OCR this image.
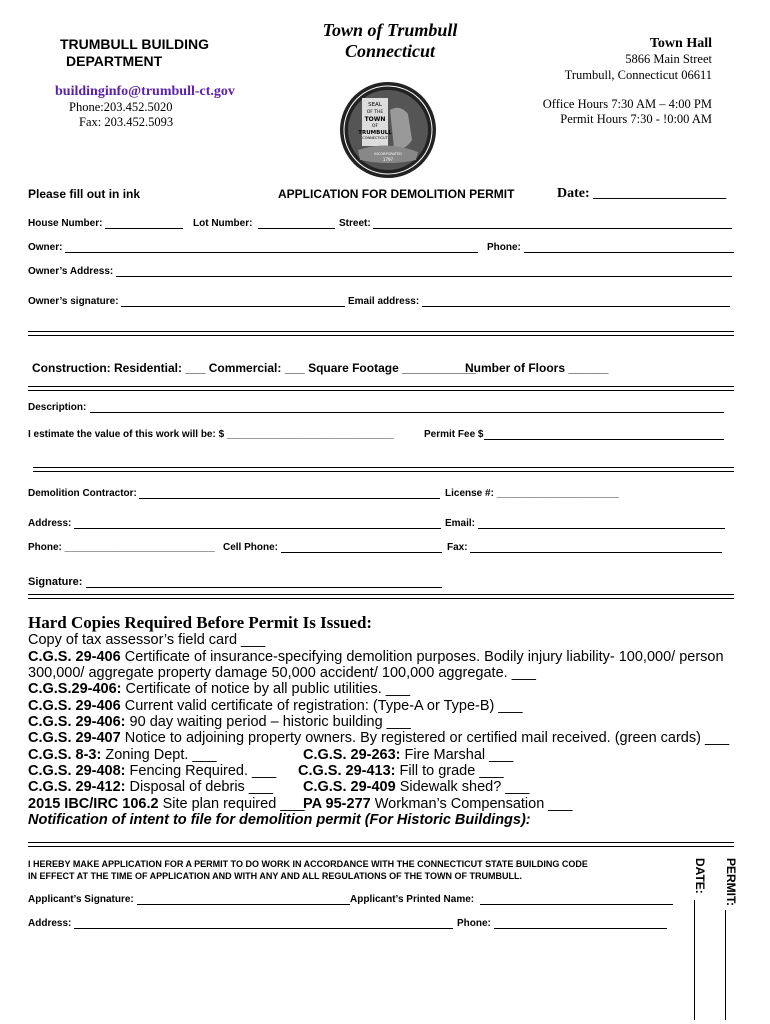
TRUMBULL BUILDING
DEPARTMENT
buildinginfo@trumbull-ct.gov
Phone:203.452.5020
Fax: 203.452.5093
Town of Trumbull
Connecticut
SEAL
OF THE
TOWN
OF
TRUMBULL
CONNECTICUT
INCORPORATED
1797
Town Hall
5866 Main Street
Trumbull, Connecticut 06611
Office Hours 7:30 AM – 4:00 PM
Permit Hours 7:30 - !0:00 AM
Please fill out in ink	APPLICATION FOR DEMOLITION PERMIT	Date: ___________________
House Number:	Lot Number:	Street:
Owner:	Phone:
Owner’s Address:
Owner’s signature:	Email address:
Construction: Residential: ___ Commercial: ___ Square Footage ___________
Number of Floors ______
Description:
I estimate the value of this work will be: $ ______________________________	Permit Fee $
Demolition Contractor:	License #: ______________________
Address:	Email:
Phone: ___________________________ Cell Phone:	Fax:
Signature:
Hard Copies Required Before Permit Is Issued:
Copy of tax assessor’s field card ___
C.G.S. 29-406 Certificate of insurance-specifying demolition purposes. Bodily injury liability- 100,000/ person
300,000/ aggregate property damage 50,000 accident/ 100,000 aggregate. ___
C.G.S.29-406: Certificate of notice by all public utilities. ___
C.G.S. 29-406 Current valid certificate of registration: (Type-A or Type-B) ___
C.G.S. 29-406: 90 day waiting period – historic building ___
C.G.S. 29-407 Notice to adjoining property owners. By registered or certified mail received. (green cards) ___
C.G.S. 8-3: Zoning Dept. ___	C.G.S. 29-263: Fire Marshal ___
C.G.S. 29-408: Fencing Required. ___ C.G.S. 29-413: Fill to grade ___
C.G.S. 29-412: Disposal of debris ___ C.G.S. 29-409 Sidewalk shed? ___
2015 IBC/IRC 106.2 Site plan required ___
PA 95-277 Workman’s Compensation ___
Notification of intent to file for demolition permit (For Historic Buildings):
I HEREBY MAKE APPLICATION FOR A PERMIT TO DO WORK IN ACCORDANCE WITH THE CONNECTICUT STATE BUILDING CODE
IN EFFECT AT THE TIME OF APPLICATION AND WITH ANY AND ALL REGULATIONS OF THE TOWN OF TRUMBULL.
Applicant’s Signature:	Applicant’s Printed Name:
Address:	Phone:
DATE: PERMIT:
